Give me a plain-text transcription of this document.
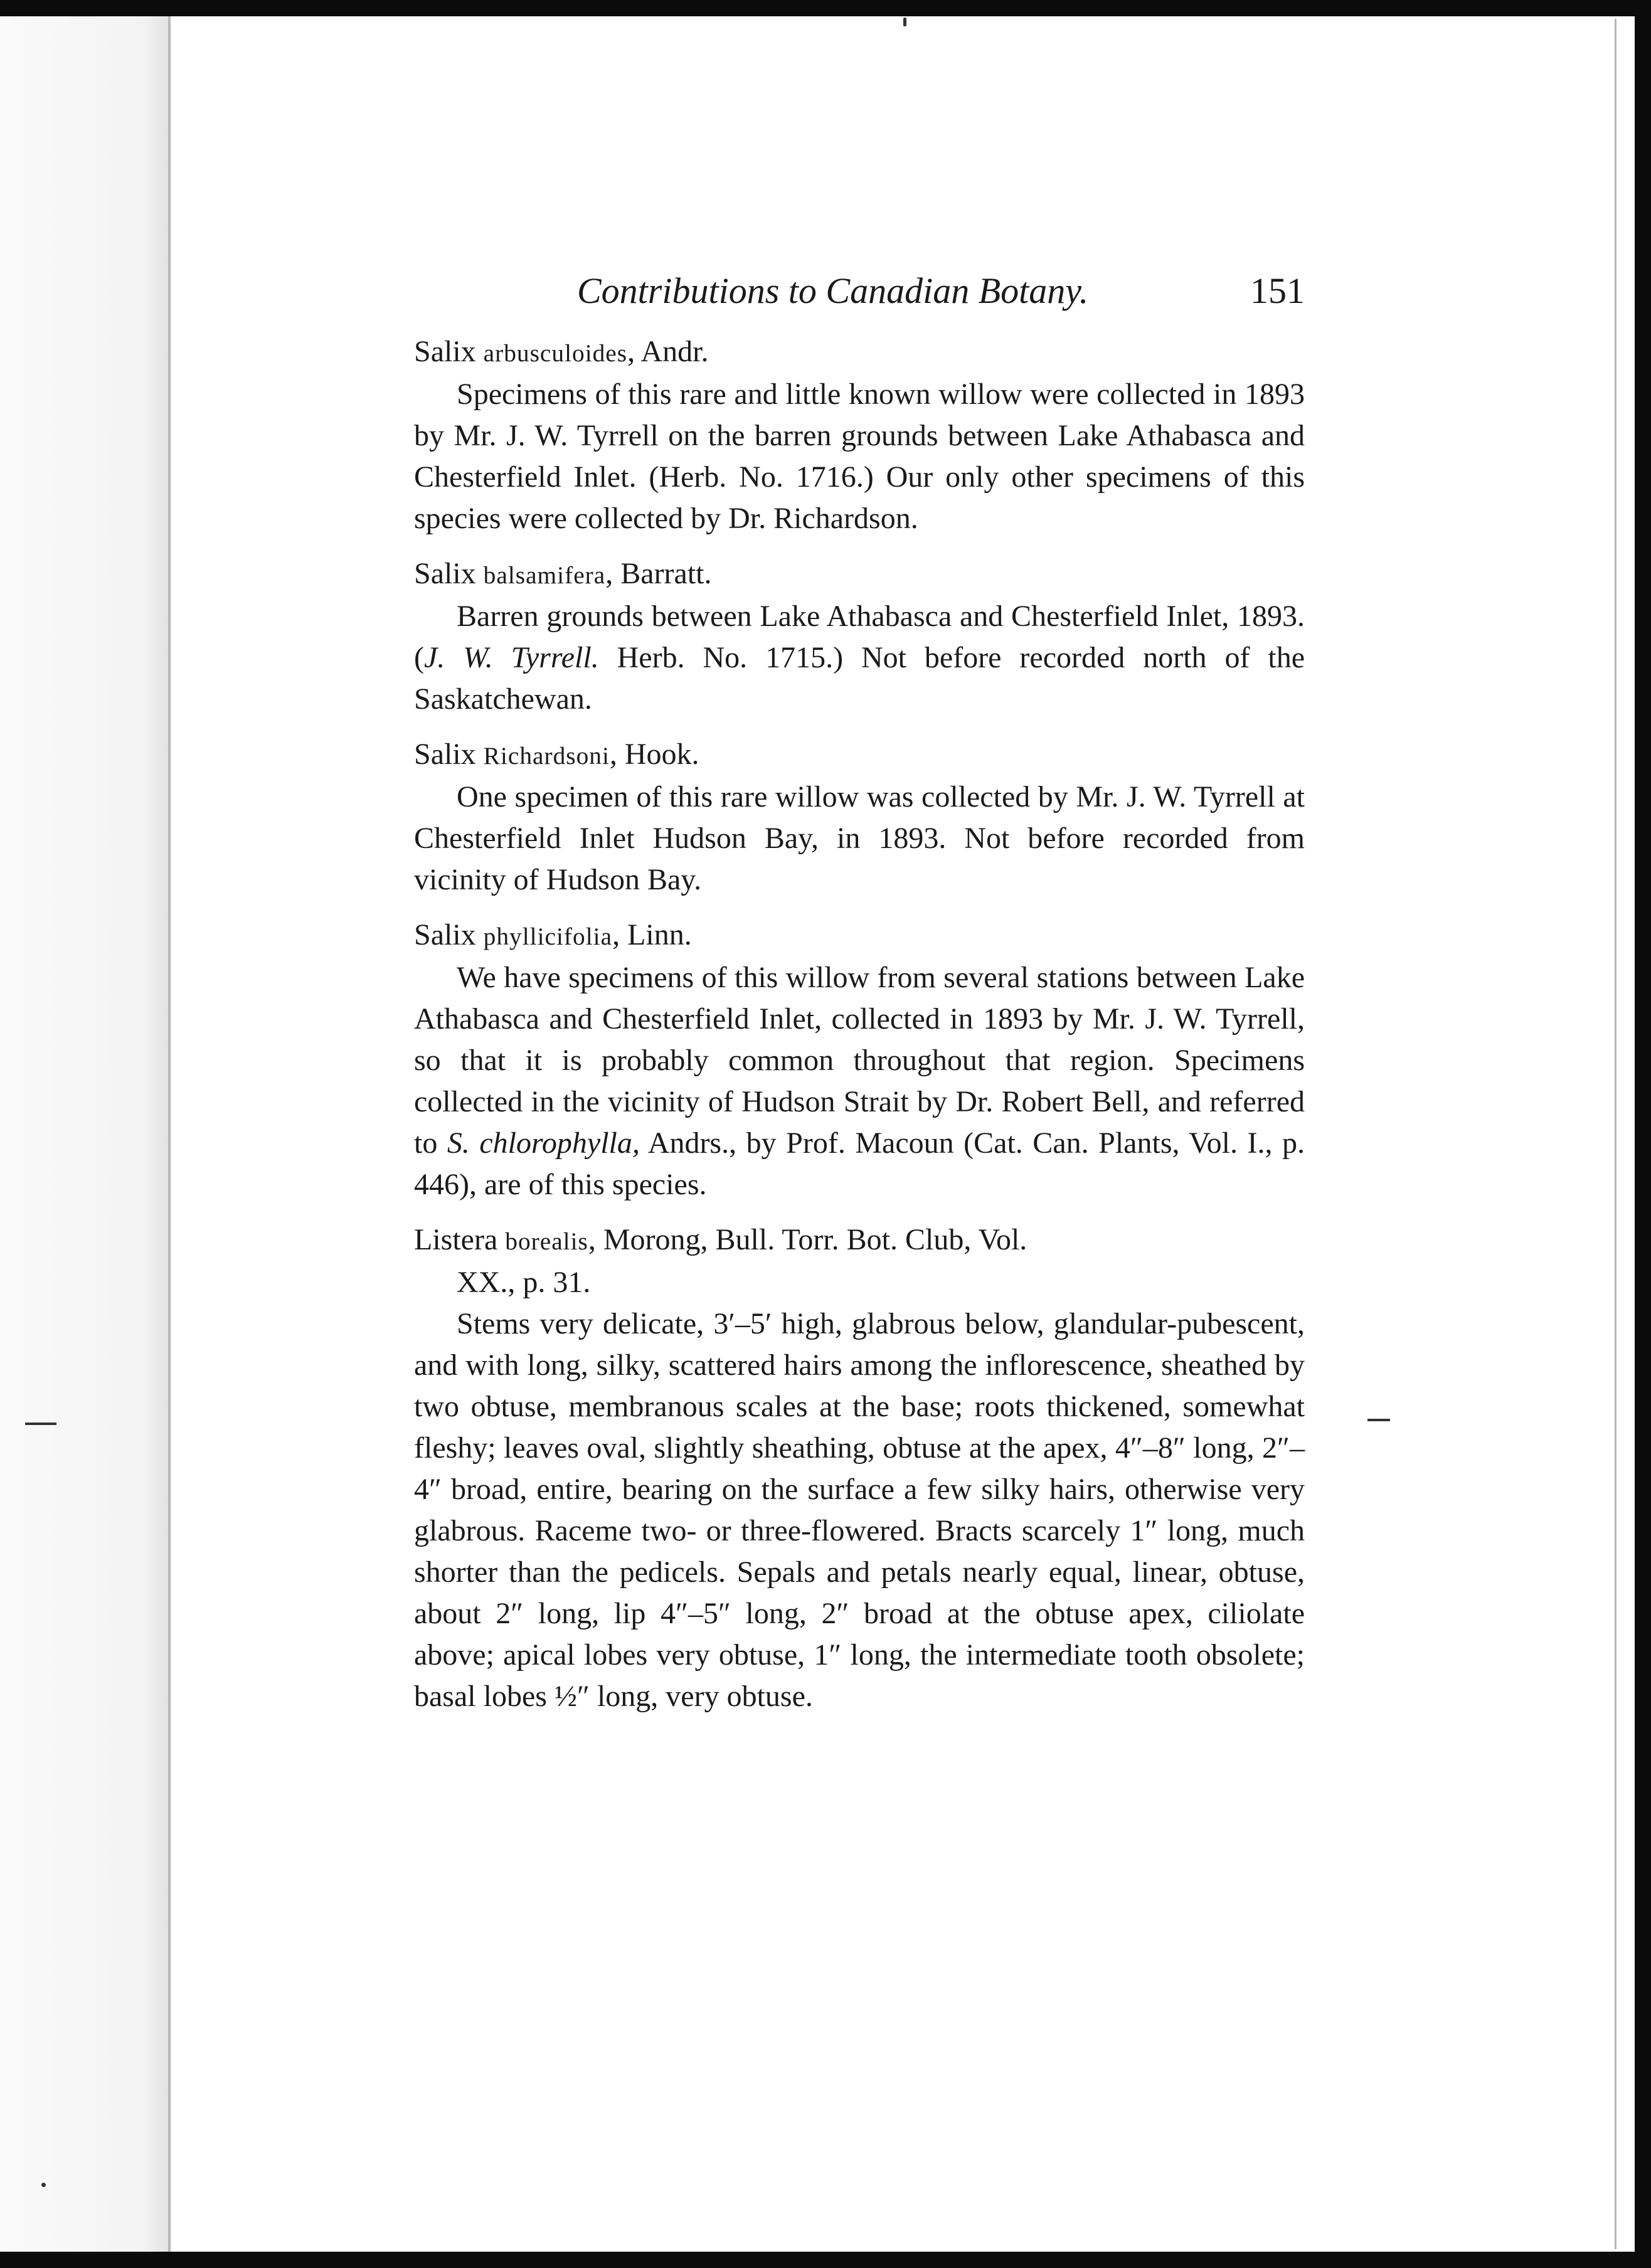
Contributions to Canadian Botany.	151

Salix arbusculoides, Andr.

Specimens of this rare and little known willow were collected in 1893 by Mr. J. W. Tyrrell on the barren grounds between Lake Athabasca and Chesterfield Inlet. (Herb. No. 1716.) Our only other specimens of this species were collected by Dr. Richardson.

Salix balsamifera, Barratt.

Barren grounds between Lake Athabasca and Chesterfield Inlet, 1893. (J. W. Tyrrell. Herb. No. 1715.) Not before recorded north of the Saskatchewan.

Salix Richardsoni, Hook.

One specimen of this rare willow was collected by Mr. J. W. Tyrrell at Chesterfield Inlet Hudson Bay, in 1893. Not before recorded from vicinity of Hudson Bay.

Salix phyllicifolia, Linn.

We have specimens of this willow from several stations between Lake Athabasca and Chesterfield Inlet, collected in 1893 by Mr. J. W. Tyrrell, so that it is probably common throughout that region. Specimens collected in the vicinity of Hudson Strait by Dr. Robert Bell, and referred to S. chlorophylla, Andrs., by Prof. Macoun (Cat. Can. Plants, Vol. I., p. 446), are of this species.

Listera borealis, Morong, Bull. Torr. Bot. Club, Vol.
XX., p. 31.

Stems very delicate, 3′–5′ high, glabrous below, glandular-pubescent, and with long, silky, scattered hairs among the inflorescence, sheathed by two obtuse, membranous scales at the base; roots thickened, somewhat fleshy; leaves oval, slightly sheathing, obtuse at the apex, 4″–8″ long, 2″–4″ broad, entire, bearing on the surface a few silky hairs, otherwise very glabrous. Raceme two- or three-flowered. Bracts scarcely 1″ long, much shorter than the pedicels. Sepals and petals nearly equal, linear, obtuse, about 2″ long, lip 4″–5″ long, 2″ broad at the obtuse apex, ciliolate above; apical lobes very obtuse, 1″ long, the intermediate tooth obsolete; basal lobes ½″ long, very obtuse.
